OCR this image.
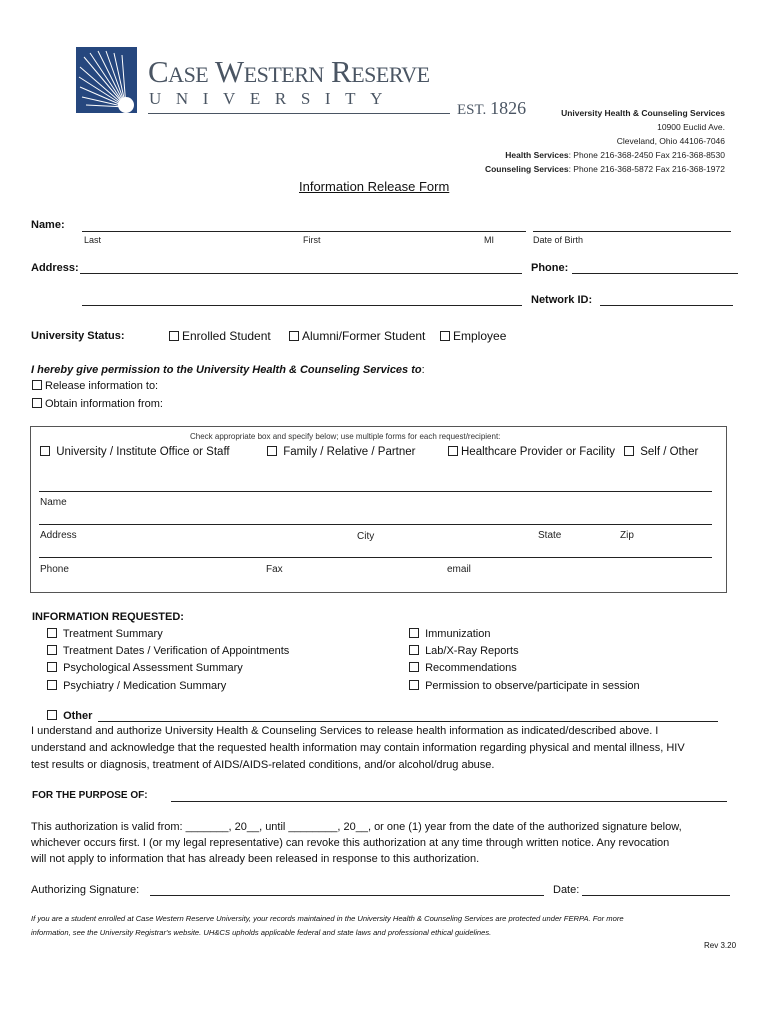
Case Western Reserve
UNIVERSITY
EST. 1826	University Health & Counseling Services
10900 Euclid Ave.
Cleveland, Ohio 44106-7046
Health Services: Phone 216-368-2450 Fax 216-368-8530
Counseling Services: Phone 216-368-5872 Fax 216-368-1972
Information Release Form
Name:
Last	First	MI	Date of Birth
Address:	Phone:
Network ID:
University Status:	Enrolled Student	Alumni/Former Student	Employee
I hereby give permission to the University Health & Counseling Services to:
Release information to:
Obtain information from:
Check appropriate box and specify below; use multiple forms for each request/recipient:
University / Institute Office or Staff	Family / Relative / Partner	Healthcare Provider or Facility	Self / Other
Name
Address	City	State	Zip
Phone	Fax	email
INFORMATION REQUESTED:
Treatment Summary
Treatment Dates / Verification of Appointments
Psychological Assessment Summary
Psychiatry / Medication Summary
Immunization
Lab/X-Ray Reports
Recommendations
Permission to observe/participate in session
Other
I understand and authorize University Health & Counseling Services to release health information as indicated/described above. I
understand and acknowledge that the requested health information may contain information regarding physical and mental illness, HIV
test results or diagnosis, treatment of AIDS/AIDS-related conditions, and/or alcohol/drug abuse.
FOR THE PURPOSE OF:
This authorization is valid from: _______, 20__, until ________, 20__, or one (1) year from the date of the authorized signature below,
whichever occurs first. I (or my legal representative) can revoke this authorization at any time through written notice. Any revocation
will not apply to information that has already been released in response to this authorization.
Authorizing Signature:	Date:
If you are a student enrolled at Case Western Reserve University, your records maintained in the University Health & Counseling Services are protected under FERPA. For more
information, see the University Registrar's website. UH&CS upholds applicable federal and state laws and professional ethical guidelines.
Rev 3.20
